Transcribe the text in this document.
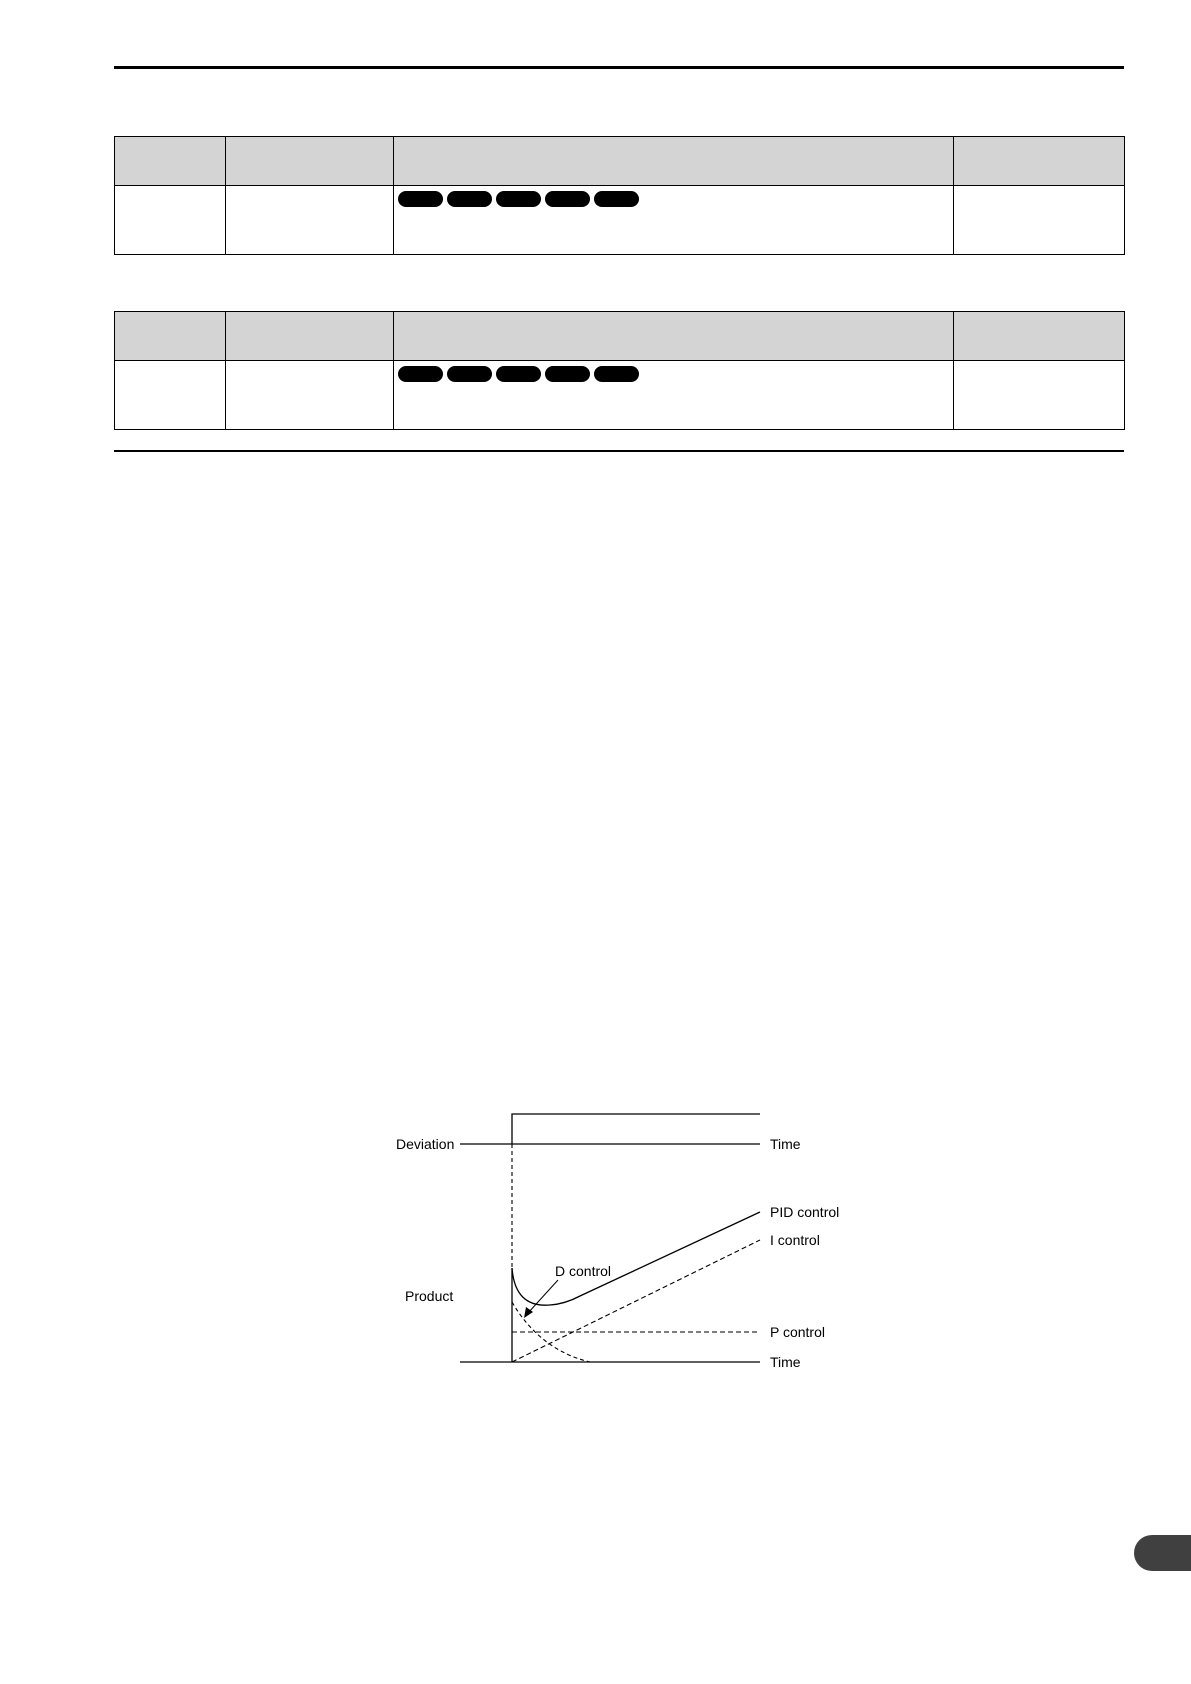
Deviation	Time
PID control
I control
D control
Product
P control
Time
